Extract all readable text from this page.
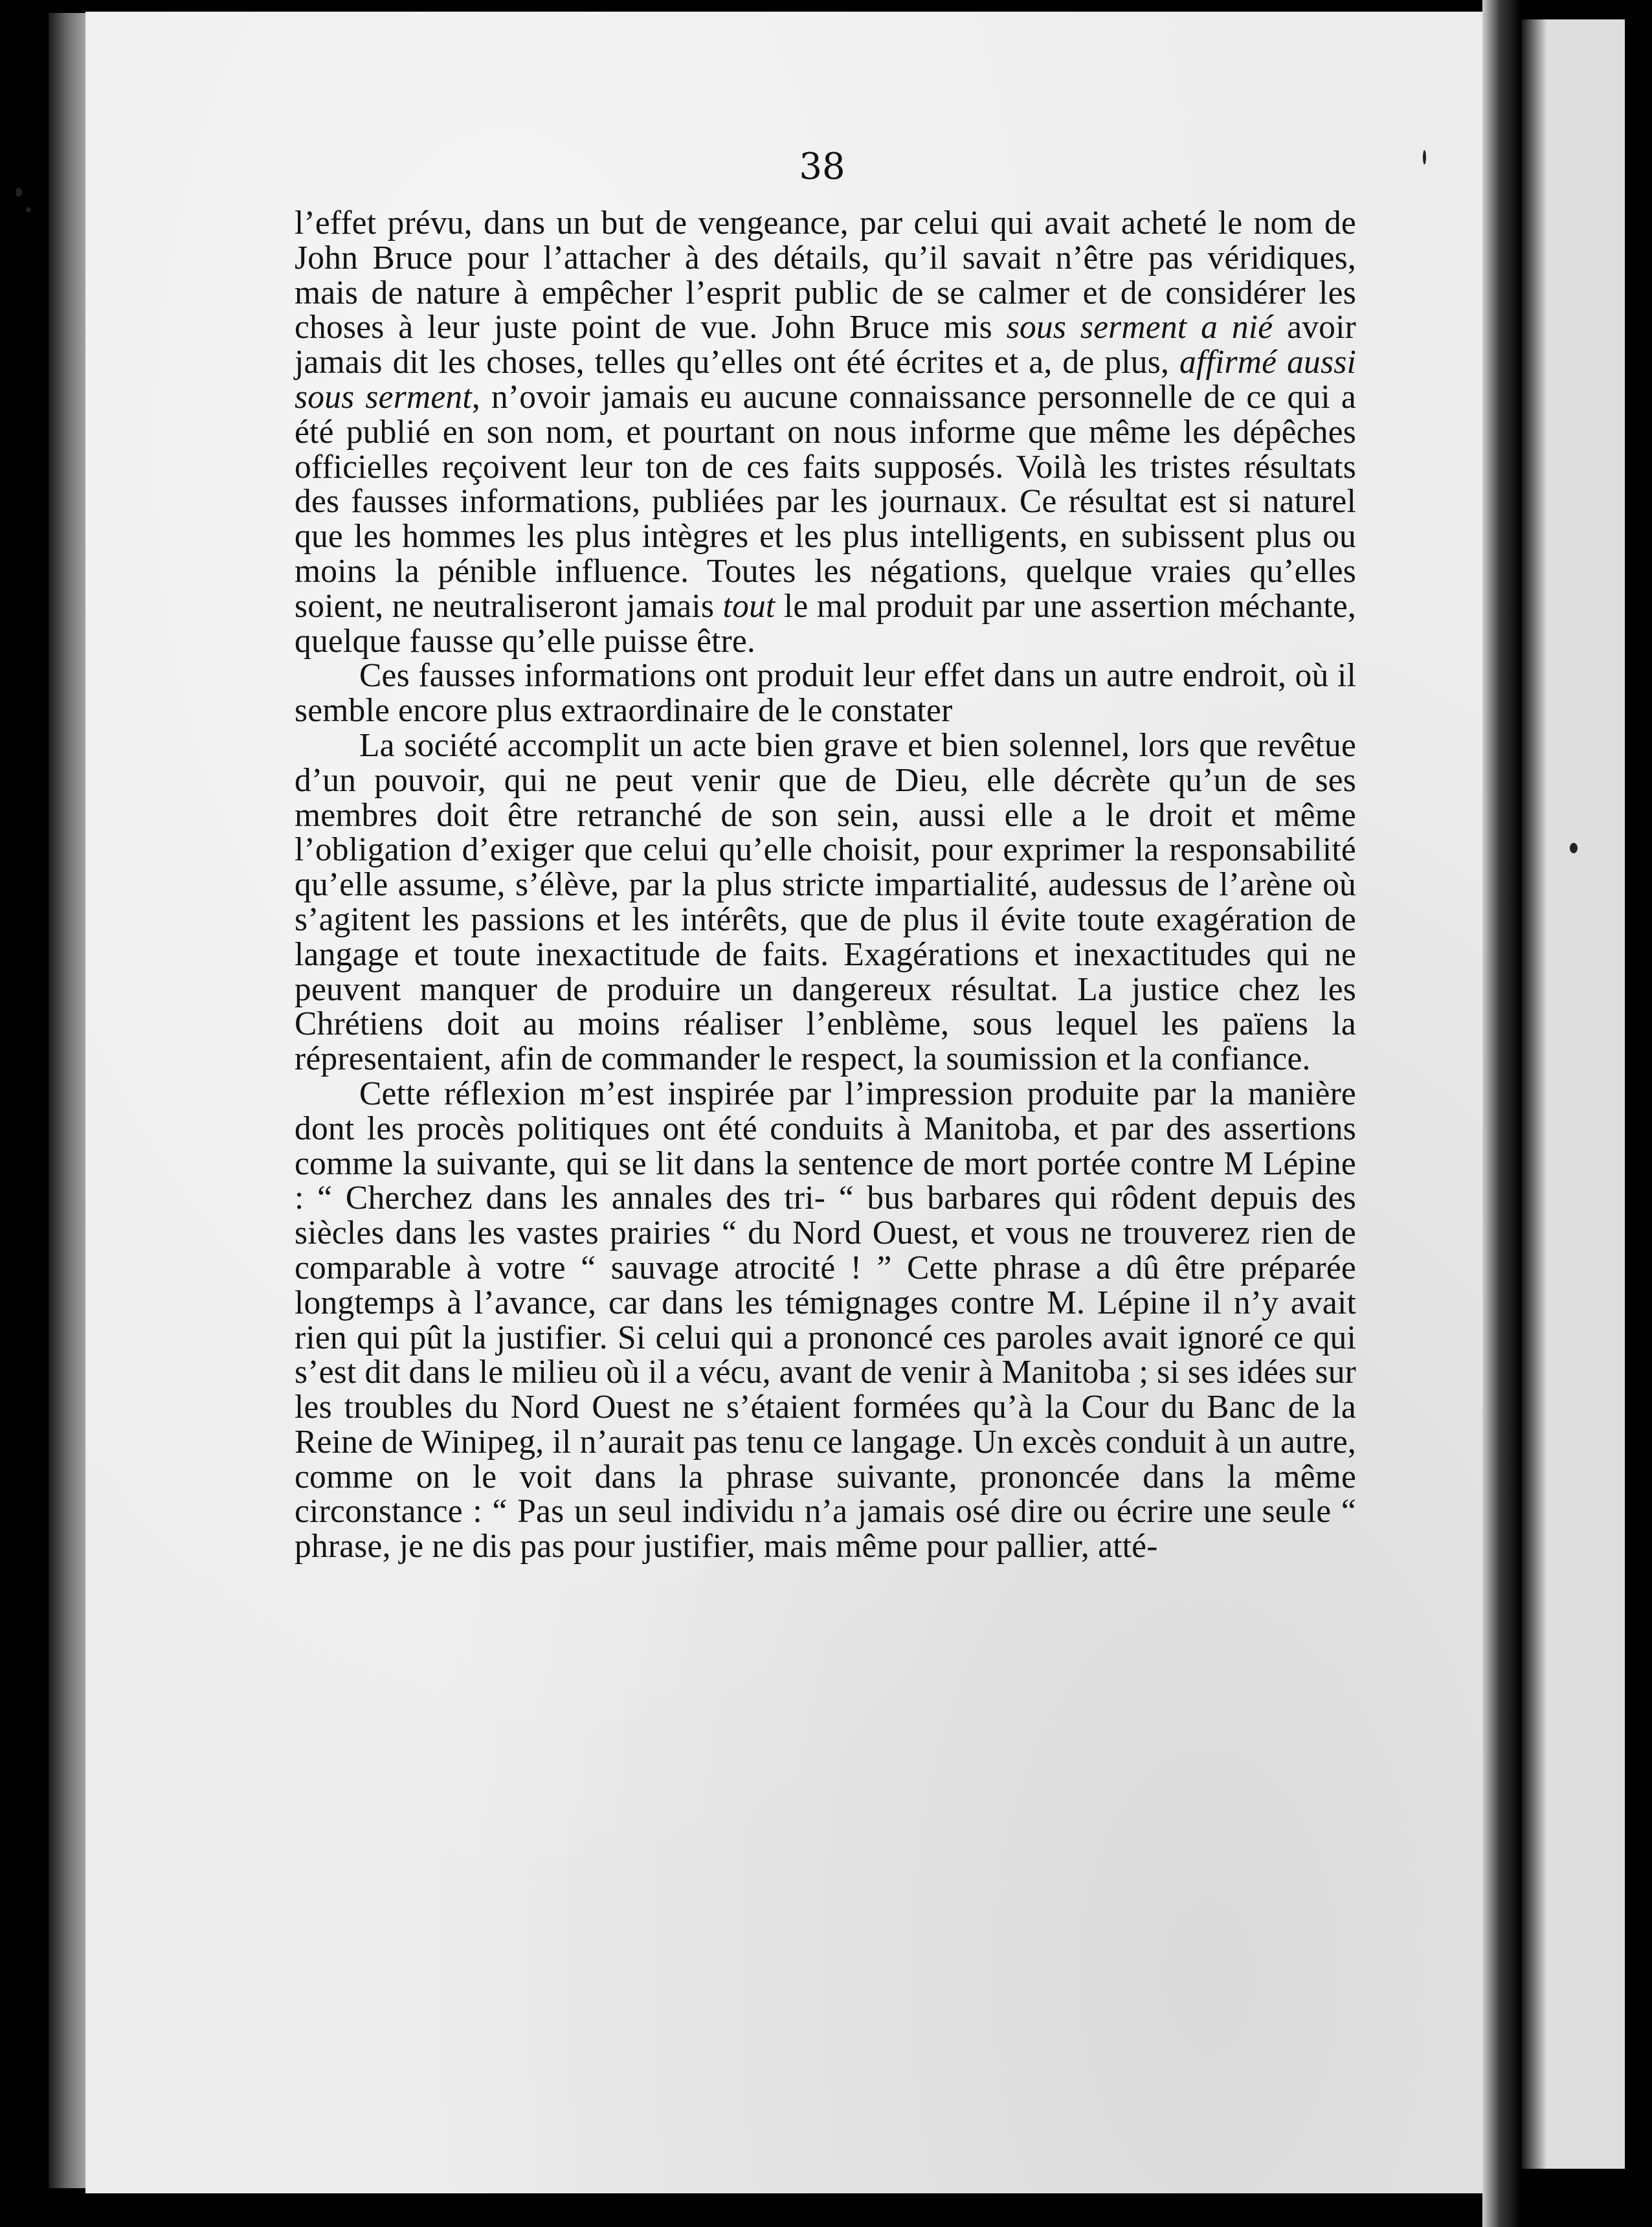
38

l’effet prévu, dans un but de vengeance, par celui qui avait acheté le nom de John Bruce pour l’attacher à des détails, qu’il savait n’être pas véridiques, mais de nature à empêcher l’esprit public de se calmer et de considérer les choses à leur juste point de vue. John Bruce mis sous serment a nié avoir jamais dit les choses, telles qu’elles ont été écrites et a, de plus, affirmé aussi sous serment, n’ovoir jamais eu aucune connaissance personnelle de ce qui a été publié en son nom, et pourtant on nous informe que même les dépêches officielles reçoivent leur ton de ces faits supposés. Voilà les tristes résultats des fausses informations, publiées par les journaux. Ce résultat est si naturel que les hommes les plus intègres et les plus intelligents, en subissent plus ou moins la pénible influence. Toutes les négations, quelque vraies qu’elles soient, ne neutraliseront jamais tout le mal produit par une assertion méchante, quelque fausse qu’elle puisse être.

Ces fausses informations ont produit leur effet dans un autre endroit, où il semble encore plus extraordinaire de le constater

La société accomplit un acte bien grave et bien solennel, lors que revêtue d’un pouvoir, qui ne peut venir que de Dieu, elle décrète qu’un de ses membres doit être retranché de son sein, aussi elle a le droit et même l’obligation d’exiger que celui qu’elle choisit, pour exprimer la responsabilité qu’elle assume, s’élève, par la plus stricte impartialité, audessus de l’arène où s’agitent les passions et les intérêts, que de plus il évite toute exagération de langage et toute inexactitude de faits. Exagérations et inexactitudes qui ne peuvent manquer de produire un dangereux résultat. La justice chez les Chrétiens doit au moins réaliser l’enblème, sous lequel les païens la répresentaient, afin de commander le respect, la soumission et la confiance.

Cette réflexion m’est inspirée par l’impression produite par la manière dont les procès politiques ont été conduits à Manitoba, et par des assertions comme la suivante, qui se lit dans la sentence de mort portée contre M Lépine : “ Cherchez dans les annales des tri- “ bus barbares qui rôdent depuis des siècles dans les vastes prairies “ du Nord Ouest, et vous ne trouverez rien de comparable à votre “ sauvage atrocité ! ” Cette phrase a dû être préparée longtemps à l’avance, car dans les témignages contre M. Lépine il n’y avait rien qui pût la justifier. Si celui qui a prononcé ces paroles avait ignoré ce qui s’est dit dans le milieu où il a vécu, avant de venir à Manitoba ; si ses idées sur les troubles du Nord Ouest ne s’étaient formées qu’à la Cour du Banc de la Reine de Winipeg, il n’aurait pas tenu ce langage. Un excès conduit à un autre, comme on le voit dans la phrase suivante, prononcée dans la même circonstance : “ Pas un seul individu n’a jamais osé dire ou écrire une seule “ phrase, je ne dis pas pour justifier, mais même pour pallier, atté-
